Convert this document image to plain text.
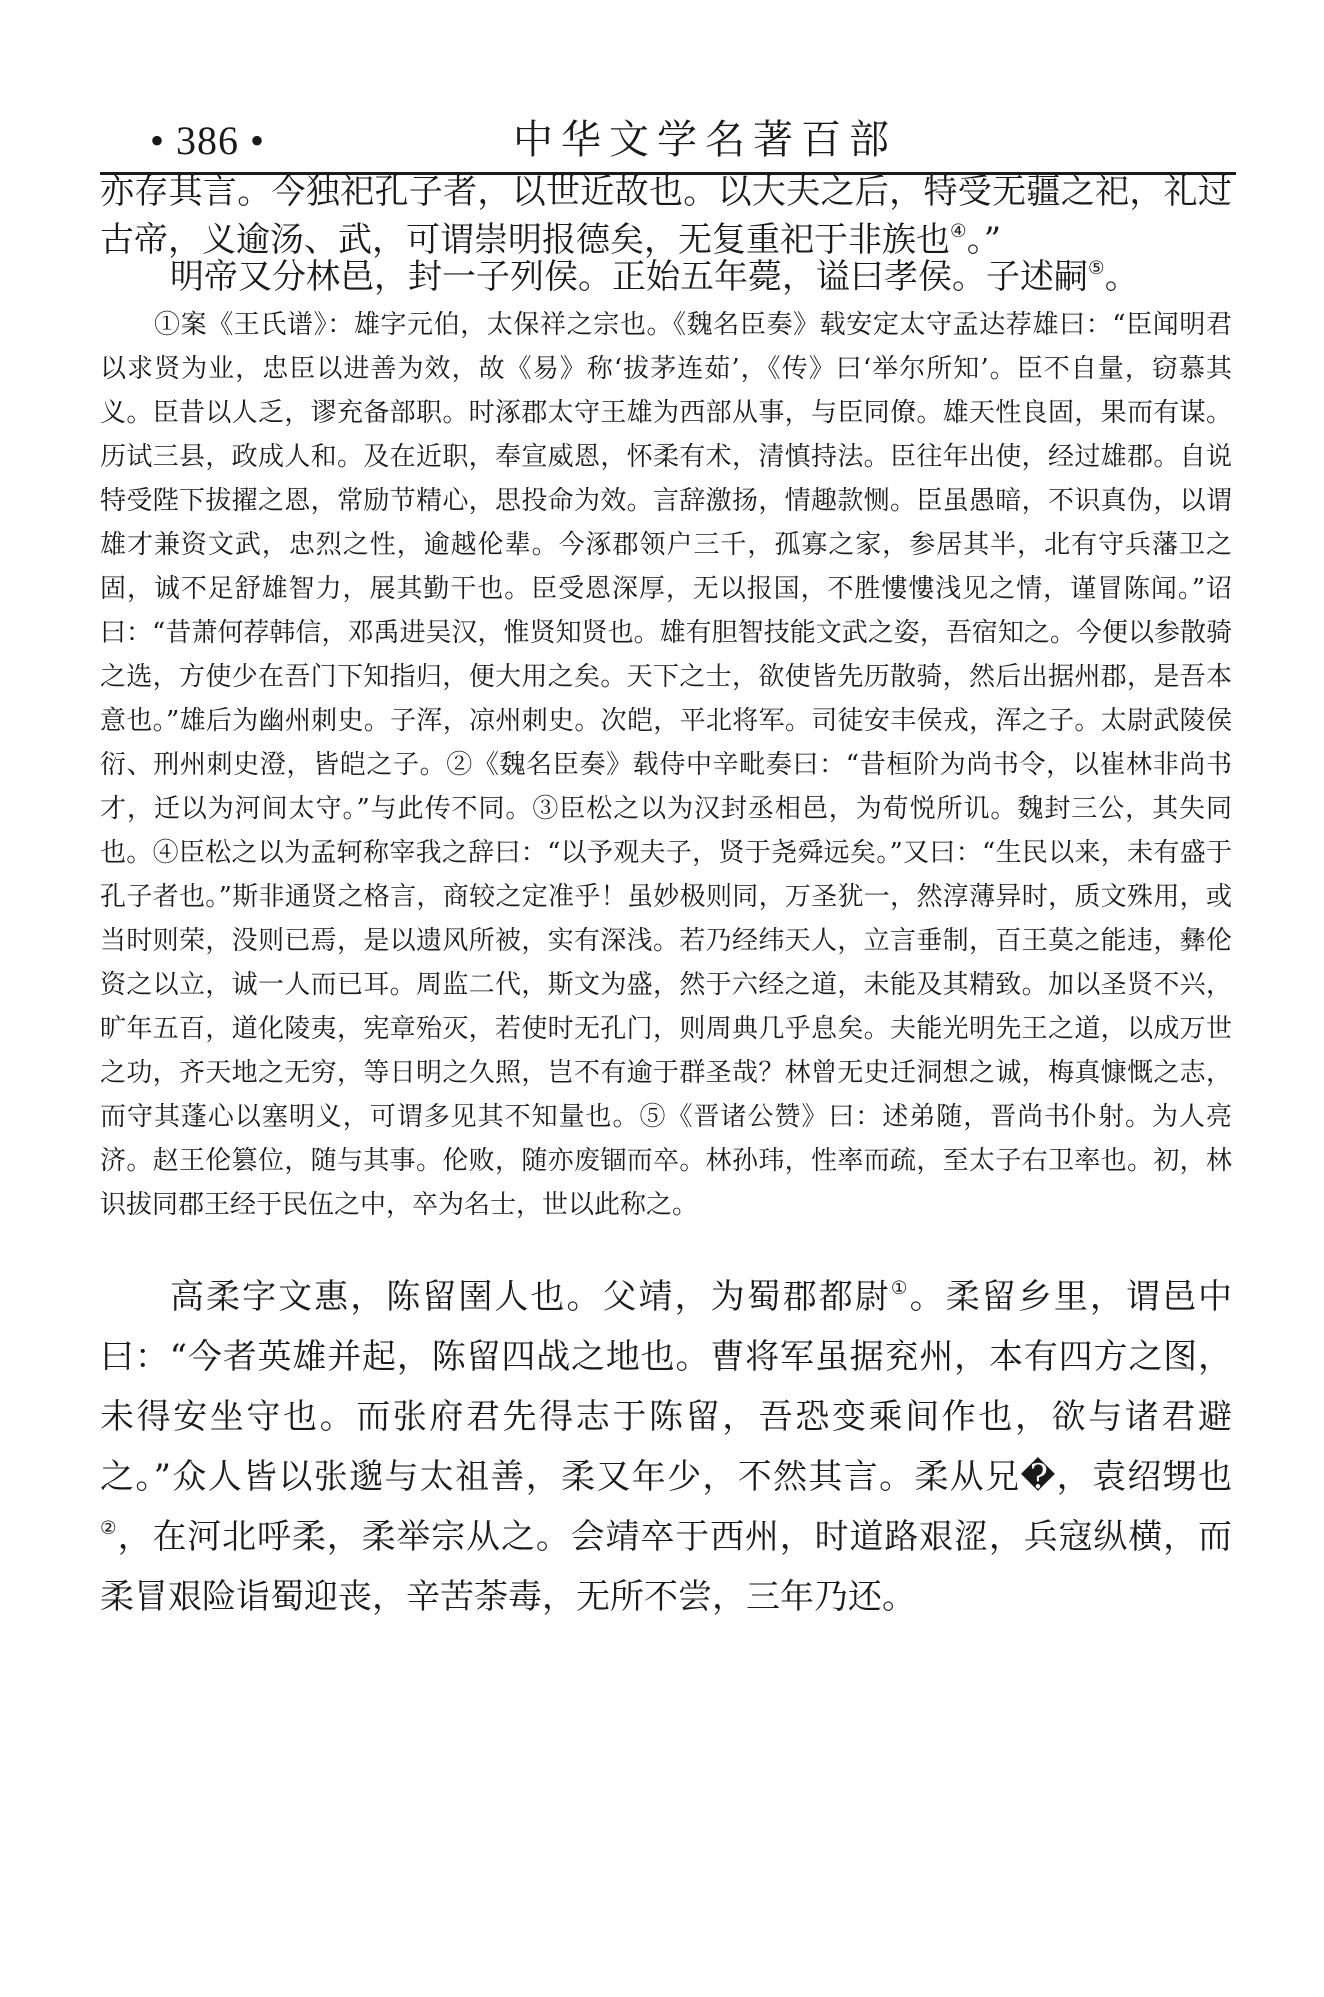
• 386 •	中华文学名著百部

亦存其言。今独祀孔子者，以世近故也。以大夫之后，特受无疆之祀，礼过

古帝，义逾汤、武，可谓崇明报德矣，无复重祀于非族也④。”

明帝又分林邑，封一子列侯。正始五年薨，谥曰孝侯。子述嗣⑤。

①案《王氏谱》：雄字元伯，太保祥之宗也。《魏名臣奏》载安定太守孟达荐雄曰：“臣闻明君以求贤为业，忠臣以进善为效，故《易》称‘拔茅连茹’，《传》曰‘举尔所知’。臣不自量，窃慕其义。臣昔以人乏，谬充备部职。时涿郡太守王雄为西部从事，与臣同僚。雄天性良固，果而有谋。历试三县，政成人和。及在近职，奉宣威恩，怀柔有术，清慎持法。臣往年出使，经过雄郡。自说特受陛下拔擢之恩，常励节精心，思投命为效。言辞激扬，情趣款恻。臣虽愚暗，不识真伪，以谓雄才兼资文武，忠烈之性，逾越伦辈。今涿郡领户三千，孤寡之家，参居其半，北有守兵藩卫之固，诚不足舒雄智力，展其勤干也。臣受恩深厚，无以报国，不胜慺慺浅见之情，谨冒陈闻。”诏曰：“昔萧何荐韩信，邓禹进吴汉，惟贤知贤也。雄有胆智技能文武之姿，吾宿知之。今便以参散骑之选，方使少在吾门下知指归，便大用之矣。天下之士，欲使皆先历散骑，然后出据州郡，是吾本意也。”雄后为幽州刺史。子浑，凉州刺史。次皑，平北将军。司徒安丰侯戎，浑之子。太尉武陵侯衍、刑州刺史澄，皆皑之子。②《魏名臣奏》载侍中辛毗奏曰：“昔桓阶为尚书令，以崔林非尚书才，迁以为河间太守。”与此传不同。③臣松之以为汉封丞相邑，为荀悦所讥。魏封三公，其失同也。④臣松之以为孟轲称宰我之辞曰：“以予观夫子，贤于尧舜远矣。”又曰：“生民以来，未有盛于孔子者也。”斯非通贤之格言，商较之定准乎！虽妙极则同，万圣犹一，然淳薄异时，质文殊用，或当时则荣，没则已焉，是以遗风所被，实有深浅。若乃经纬天人，立言垂制，百王莫之能违，彝伦资之以立，诚一人而已耳。周监二代，斯文为盛，然于六经之道，未能及其精致。加以圣贤不兴，旷年五百，道化陵夷，宪章殆灭，若使时无孔门，则周典几乎息矣。夫能光明先王之道，以成万世之功，齐天地之无穷，等日明之久照，岂不有逾于群圣哉？林曾无史迁洞想之诚，梅真慷慨之志，而守其蓬心以塞明义，可谓多见其不知量也。⑤《晋诸公赞》曰：述弟随，晋尚书仆射。为人亮济。赵王伦篡位，随与其事。伦败，随亦废锢而卒。林孙玮，性率而疏，至太子右卫率也。初，林识拔同郡王经于民伍之中，卒为名士，世以此称之。

高柔字文惠，陈留圉人也。父靖，为蜀郡都尉①。柔留乡里，谓邑中曰：“今者英雄并起，陈留四战之地也。曹将军虽据兖州，本有四方之图，未得安坐守也。而张府君先得志于陈留，吾恐变乘间作也，欲与诸君避之。”众人皆以张邈与太祖善，柔又年少，不然其言。柔从兄�，袁绍甥也②，在河北呼柔，柔举宗从之。会靖卒于西州，时道路艰涩，兵寇纵横，而柔冒艰险诣蜀迎丧，辛苦荼毒，无所不尝，三年乃还。
